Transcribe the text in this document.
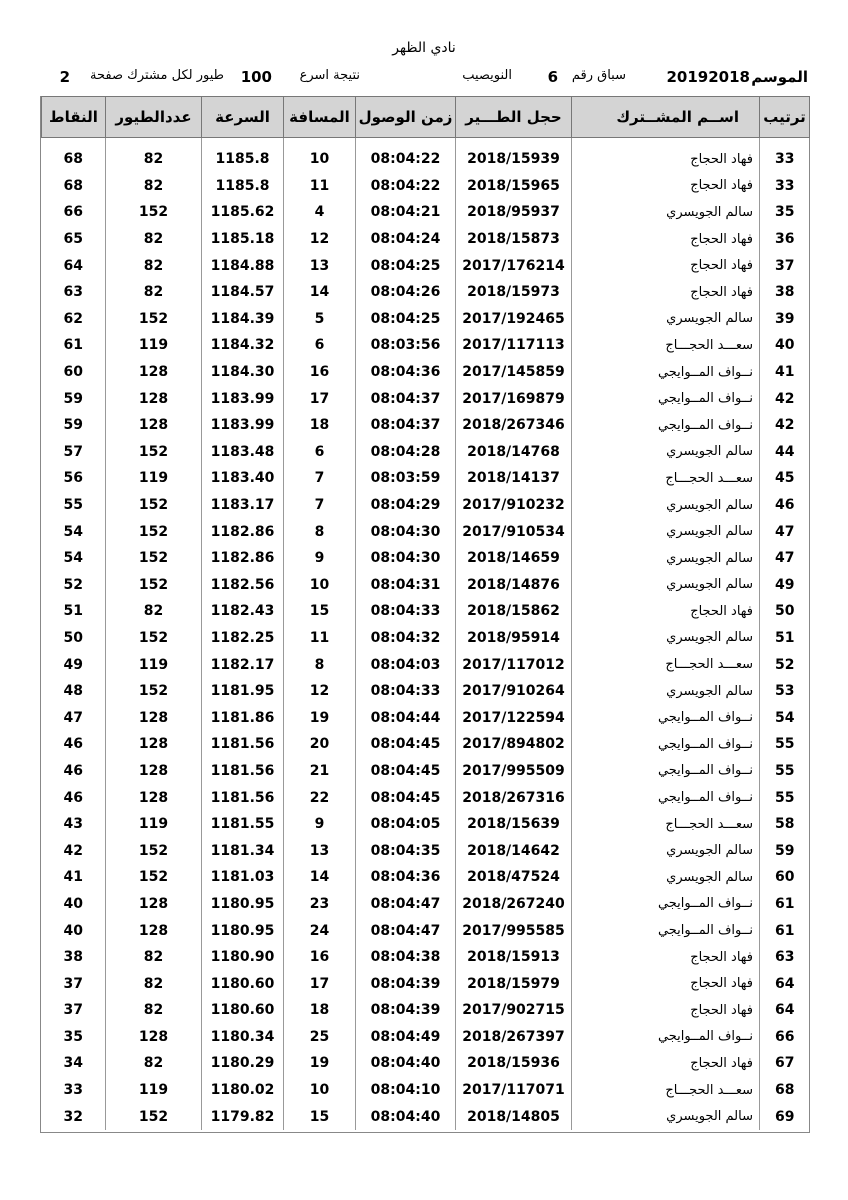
نادي الظهر
الموسم
20192018
سباق رقم
6
النويصيب
نتيجة اسرع
100
طيور لكل مشترك صفحة
2
ترتيب	اســم المشــترك	حجل الطـــير	زمن الوصول	المسافة	السرعة	عددالطيور	النقاط

33	فهاد الحجاج	2018/15939	08:04:22	10	1185.8	82	68
33	فهاد الحجاج	2018/15965	08:04:22	11	1185.8	82	68
35	سالم الجويسري	2018/95937	08:04:21	4	1185.62	152	66
36	فهاد الحجاج	2018/15873	08:04:24	12	1185.18	82	65
37	فهاد الحجاج	2017/176214	08:04:25	13	1184.88	82	64
38	فهاد الحجاج	2018/15973	08:04:26	14	1184.57	82	63
39	سالم الجويسري	2017/192465	08:04:25	5	1184.39	152	62
40	سعـــد الحجـــاج	2017/117113	08:03:56	6	1184.32	119	61
41	نــواف المــوايجي	2017/145859	08:04:36	16	1184.30	128	60
42	نــواف المــوايجي	2017/169879	08:04:37	17	1183.99	128	59
42	نــواف المــوايجي	2018/267346	08:04:37	18	1183.99	128	59
44	سالم الجويسري	2018/14768	08:04:28	6	1183.48	152	57
45	سعـــد الحجـــاج	2018/14137	08:03:59	7	1183.40	119	56
46	سالم الجويسري	2017/910232	08:04:29	7	1183.17	152	55
47	سالم الجويسري	2017/910534	08:04:30	8	1182.86	152	54
47	سالم الجويسري	2018/14659	08:04:30	9	1182.86	152	54
49	سالم الجويسري	2018/14876	08:04:31	10	1182.56	152	52
50	فهاد الحجاج	2018/15862	08:04:33	15	1182.43	82	51
51	سالم الجويسري	2018/95914	08:04:32	11	1182.25	152	50
52	سعـــد الحجـــاج	2017/117012	08:04:03	8	1182.17	119	49
53	سالم الجويسري	2017/910264	08:04:33	12	1181.95	152	48
54	نــواف المــوايجي	2017/122594	08:04:44	19	1181.86	128	47
55	نــواف المــوايجي	2017/894802	08:04:45	20	1181.56	128	46
55	نــواف المــوايجي	2017/995509	08:04:45	21	1181.56	128	46
55	نــواف المــوايجي	2018/267316	08:04:45	22	1181.56	128	46
58	سعـــد الحجـــاج	2018/15639	08:04:05	9	1181.55	119	43
59	سالم الجويسري	2018/14642	08:04:35	13	1181.34	152	42
60	سالم الجويسري	2018/47524	08:04:36	14	1181.03	152	41
61	نــواف المــوايجي	2018/267240	08:04:47	23	1180.95	128	40
61	نــواف المــوايجي	2017/995585	08:04:47	24	1180.95	128	40
63	فهاد الحجاج	2018/15913	08:04:38	16	1180.90	82	38
64	فهاد الحجاج	2018/15979	08:04:39	17	1180.60	82	37
64	فهاد الحجاج	2017/902715	08:04:39	18	1180.60	82	37
66	نــواف المــوايجي	2018/267397	08:04:49	25	1180.34	128	35
67	فهاد الحجاج	2018/15936	08:04:40	19	1180.29	82	34
68	سعـــد الحجـــاج	2017/117071	08:04:10	10	1180.02	119	33
69	سالم الجويسري	2018/14805	08:04:40	15	1179.82	152	32
